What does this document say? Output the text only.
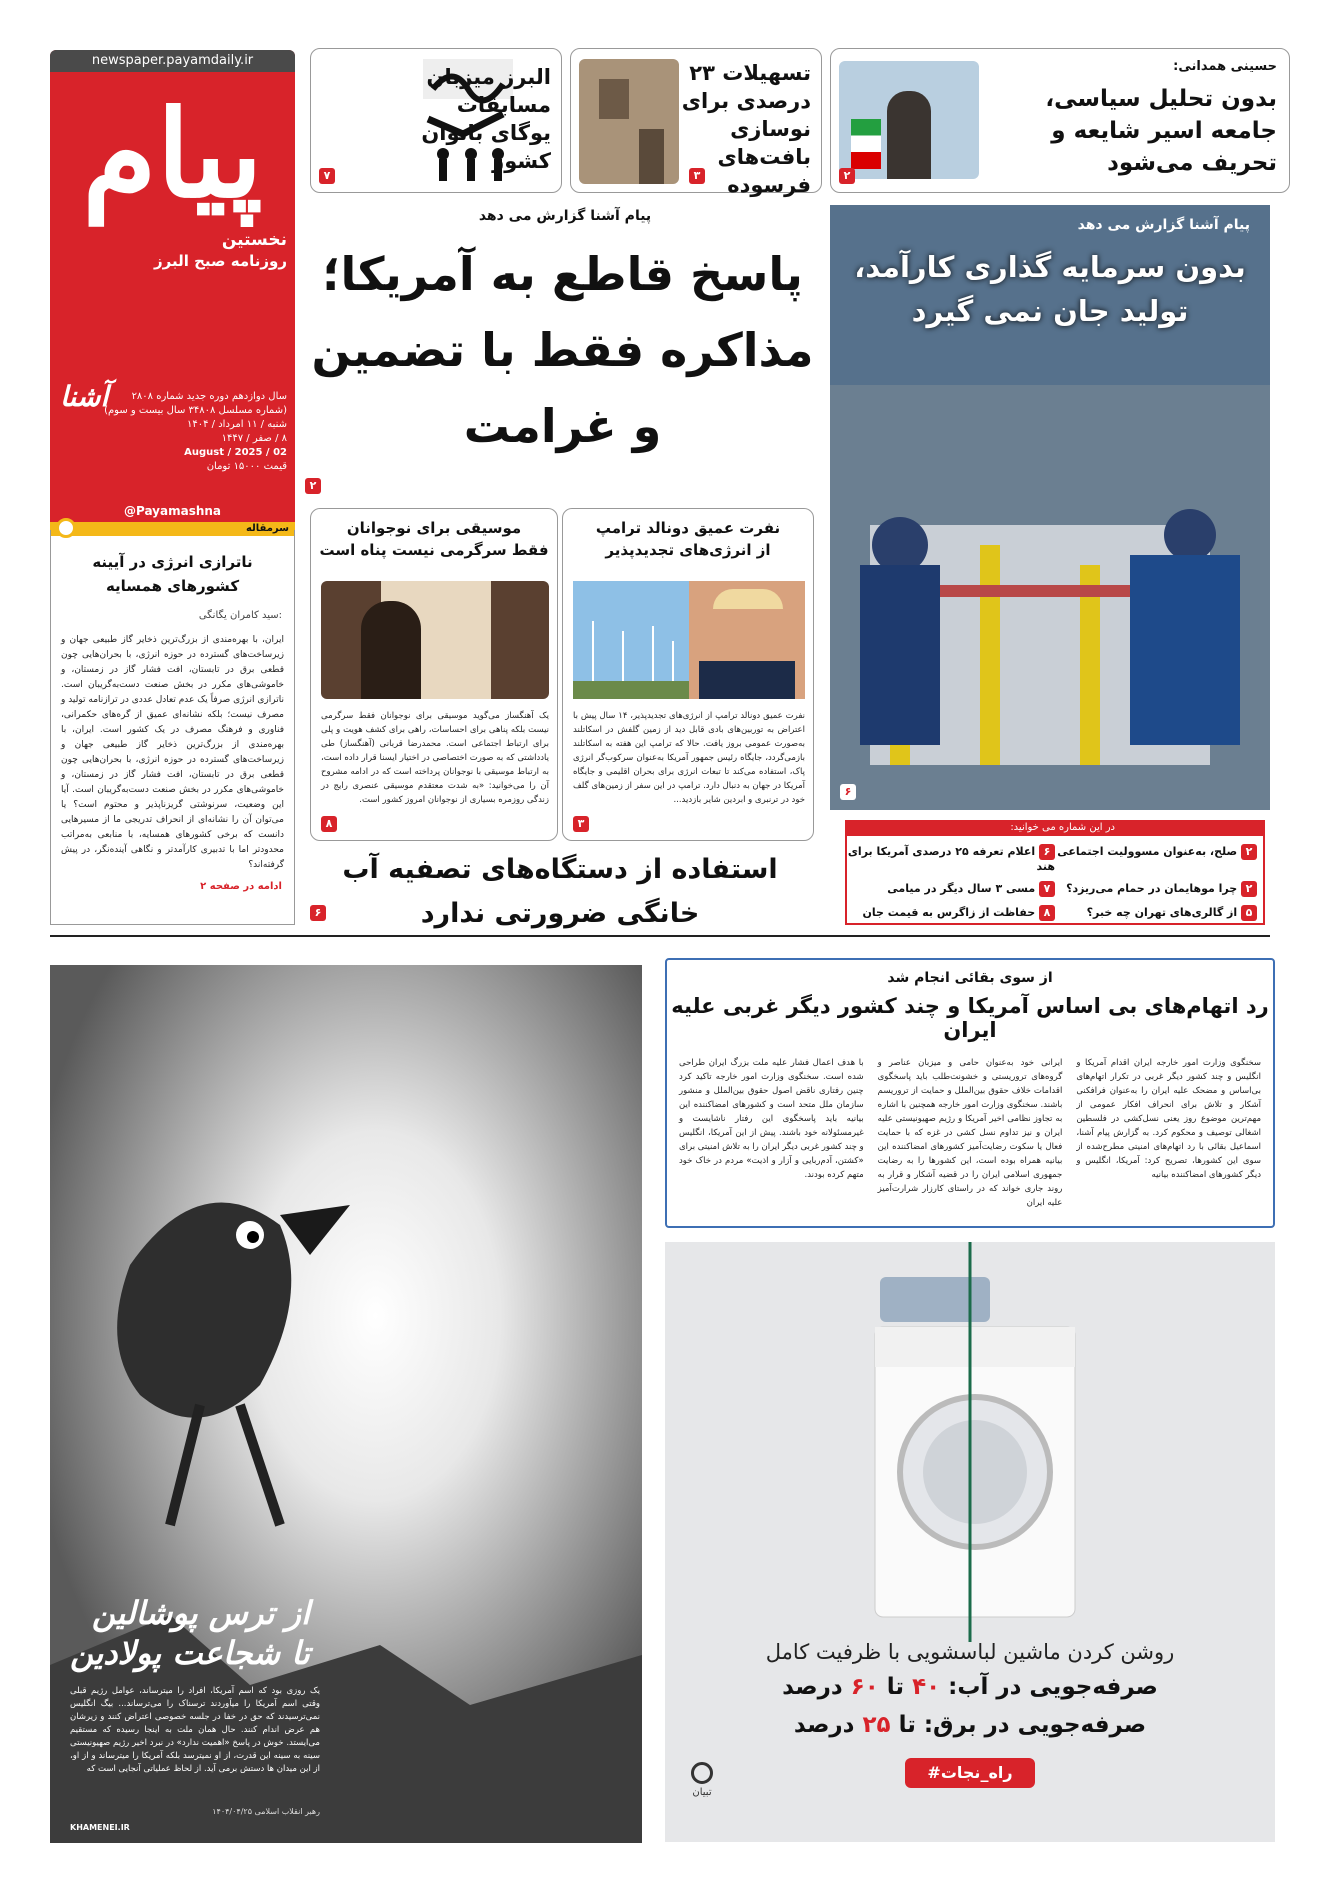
newspaper.payamdaily.ir
پیام
آشنا
نخستین
روزنامه صبح البرز
سال دوازدهم دوره جدید شماره ۲۸۰۸
(شماره مسلسل ۳۴۸۰۸ سال بیست و سوم)
شنبه / ۱۱ امرداد / ۱۴۰۴
۸ / صفر / ۱۴۴۷
02 / August / 2025
قیمت ۱۵۰۰۰ تومان
@Payamashna
حسینی همدانی:
بدون تحلیل سیاسی، جامعه اسیر شایعه و تحریف می‌شود
۲
تسهیلات ۲۳ درصدی برای نوسازی بافت‌های فرسوده
۳
البرز میزبان مسابقات یوگای بانوان کشور
۷
پیام آشنا گزارش می دهد
پاسخ قاطع به آمریکا؛ مذاکره فقط با تضمین و غرامت
۲
پیام آشنا گزارش می دهد
بدون سرمایه گذاری کارآمد، تولید جان نمی گیرد
۶
سرمقاله
ناترازی انرژی در آیینه کشورهای همسایه
:سید کامران یگانگی
ایران، با بهره‌مندی از بزرگ‌ترین ذخایر گاز طبیعی جهان و زیرساخت‌های گسترده در حوزه انرژی، با بحران‌هایی چون قطعی برق در تابستان، افت فشار گاز در زمستان، و خاموشی‌های مکرر در بخش صنعت دست‌به‌گریبان است. ناترازی انرژی صرفاً یک عدم تعادل عددی در ترازنامه تولید و مصرف نیست؛ بلکه نشانه‌ای عمیق از گره‌های حکمرانی، فناوری و فرهنگ مصرف در یک کشور است. ایران، با بهره‌مندی از بزرگ‌ترین ذخایر گاز طبیعی جهان و زیرساخت‌های گسترده در حوزه انرژی، با بحران‌هایی چون قطعی برق در تابستان، افت فشار گاز در زمستان، و خاموشی‌های مکرر در بخش صنعت دست‌به‌گریبان است. آیا این وضعیت، سرنوشتی گریزناپذیر و محتوم است؟ یا می‌توان آن را نشانه‌ای از انحراف تدریجی ما از مسیرهایی دانست که برخی کشورهای همسایه، با منابعی به‌مراتب محدودتر اما با تدبیری کارآمدتر و نگاهی آینده‌نگر، در پیش گرفته‌اند؟
ادامه در صفحه ۲
نفرت عمیق دونالد ترامپ
از انرژی‌های تجدیدپذیر
نفرت عمیق دونالد ترامپ از انرژی‌های تجدیدپذیر، ۱۴ سال پیش با اعتراض به توربین‌های بادی قابل دید از زمین گلفش در اسکاتلند به‌صورت عمومی بروز یافت. حالا که ترامپ این هفته به اسکاتلند بازمی‌گردد، جایگاه رئیس جمهور آمریکا به‌عنوان سرکوب‌گر انرژی پاک، استفاده می‌کند تا تبعات انرژی برای بحران اقلیمی و جایگاه آمریکا در جهان به دنبال دارد. ترامپ در این سفر از زمین‌های گلف خود در ترنبری و ابردین شایر بازدید...
۳
موسیقی برای نوجوانان
فقط سرگرمی نیست پناه است
یک آهنگساز می‌گوید موسیقی برای نوجوانان فقط سرگرمی نیست بلکه پناهی برای احساسات، راهی برای کشف هویت و پلی برای ارتباط اجتماعی است. محمدرضا قربانی (آهنگساز) طی یادداشتی که به صورت اختصاصی در اختیار ایسنا قرار داده است، به ارتباط موسیقی با نوجوانان پرداخته است که در ادامه مشروح آن را می‌خوانید: «به شدت معتقدم موسیقی عنصری رایج در زندگی روزمره بسیاری از نوجوانان امروز کشور است.
۸
استفاده از دستگاه‌های تصفیه آب خانگی ضرورتی ندارد
۶
در این شماره می خوانید:
۲ صلح، به‌عنوان مسوولیت اجتماعی
۶ اعلام تعرفه ۲۵ درصدی آمریکا برای هند
۲ چرا موهایمان در حمام می‌ریزد؟
۷ مسی ۳ سال دیگر در میامی
۵ از گالری‌های تهران چه خبر؟
۸ حفاظت از زاگرس به قیمت جان
از ترس پوشالین
تا شجاعت پولادین
یک روزی بود که اسم آمریکا، افراد را میترساند، عوامل رژیم قبلی وقتی اسم آمریکا را میآوردند ترسناک را می‌ترساند... بیگ انگلیس نمی‌ترسیدند که حق در خفا در جلسه خصوصی اعتراض کنند و زیرشان هم عرض اندام کنند. حال همان ملت به اینجا رسیده که مستقیم می‌ایستد. خوش در پاسخ «اهمیت ندارد» در نبرد اخیر رژیم صهیونیستی سینه به سینه این قدرت، از او نمیترسد بلکه آمریکا را میترساند و از او، از این میدان ها دستش برمی آید. از لحاظ عملیاتی آنجایی است که
رهبر انقلاب اسلامی ۱۴۰۴/۰۴/۲۵
KHAMENEI.IR
از سوی بقائی انجام شد
رد اتهام‌های بی اساس آمریکا و چند کشور دیگر غربی علیه ایران
سخنگوی وزارت امور خارجه ایران اقدام آمریکا و انگلیس و چند کشور دیگر غربی در تکرار اتهام‌های بی‌اساس و مضحک علیه ایران را به‌عنوان فرافکنی آشکار و تلاش برای انحراف افکار عمومی از مهم‌ترین موضوع روز یعنی نسل‌کشی در فلسطین اشغالی توصیف و محکوم کرد. به گزارش پیام آشنا، اسماعیل بقائی با رد اتهام‌های امنیتی مطرح‌شده از سوی این کشورها، تصریح کرد: آمریکا، انگلیس و دیگر کشورهای امضاکننده بیانیه
ایرانی خود به‌عنوان حامی و میزبان عناصر و گروه‌های تروریستی و خشونت‌طلب باید پاسخگوی اقدامات خلاف حقوق بین‌الملل و حمایت از تروریسم باشند. سخنگوی وزارت امور خارجه همچنین با اشاره به تجاوز نظامی اخیر آمریکا و رژیم صهیونیستی علیه ایران و نیز تداوم نسل کشی در غزه که با حمایت فعال یا سکوت رضایت‌آمیز کشورهای امضاکننده این بیانیه همراه بوده است، این کشورها را به رضایت جمهوری اسلامی ایران را در قضیه آشکار و قرار به روند جاری خواند که در راستای کارزار شرارت‌آمیز علیه ایران
با هدف اعمال فشار علیه ملت بزرگ ایران طراحی شده است. سخنگوی وزارت امور خارجه تاکید کرد چنین رفتاری ناقض اصول حقوق بین‌الملل و منشور سازمان ملل متحد است و کشورهای امضاکننده این بیانیه باید پاسخگوی این رفتار ناشایست و غیرمسئولانه خود باشند. پیش از این آمریکا، انگلیس و چند کشور غربی دیگر ایران را به تلاش امنیتی برای «کشتن، آدم‌ربایی و آزار و اذیت» مردم در خاک خود متهم کرده بودند.
روشن کردن ماشین لباسشویی با ظرفیت کامل
صرفه‌جویی در آب: ۴۰ تا ۶۰ درصد
صرفه‌جویی در برق: تا ۲۵ درصد
#راه_نجات
تبیان
